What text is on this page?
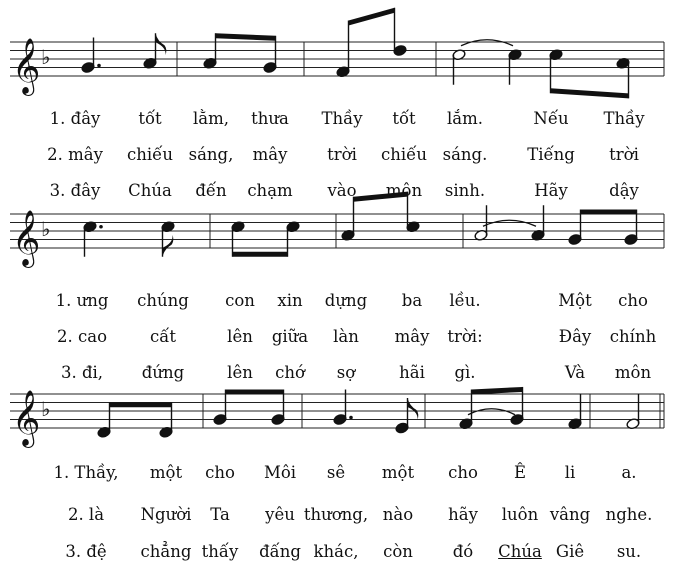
𝄞 ♭
𝄞 ♭
𝄞 ♭
1. đây tốt lằm, thưa Thầy tốt lắm.	Nếu Thầy
2. mây chiếu sáng, mây trời chiếu sáng. Tiếng trời
3. đây Chúa đến chạm vào môn sinh.	Hãy	dậy
1. ưng chúng con xin dựng ba lều.	Một cho
2. cao	cất	lên giữa làn mây trời:	Đây chính
3. đi, đứng	lên chớ sợ	hãi gì.	Và môn
1. Thầy, một cho Môi sê một cho Ê li	a.
2. là Người Ta yêu thương, nào hãy luôn vâng nghe.
3. đệ chẳng thấy đấng khác, còn đó Chúa Giê su.
